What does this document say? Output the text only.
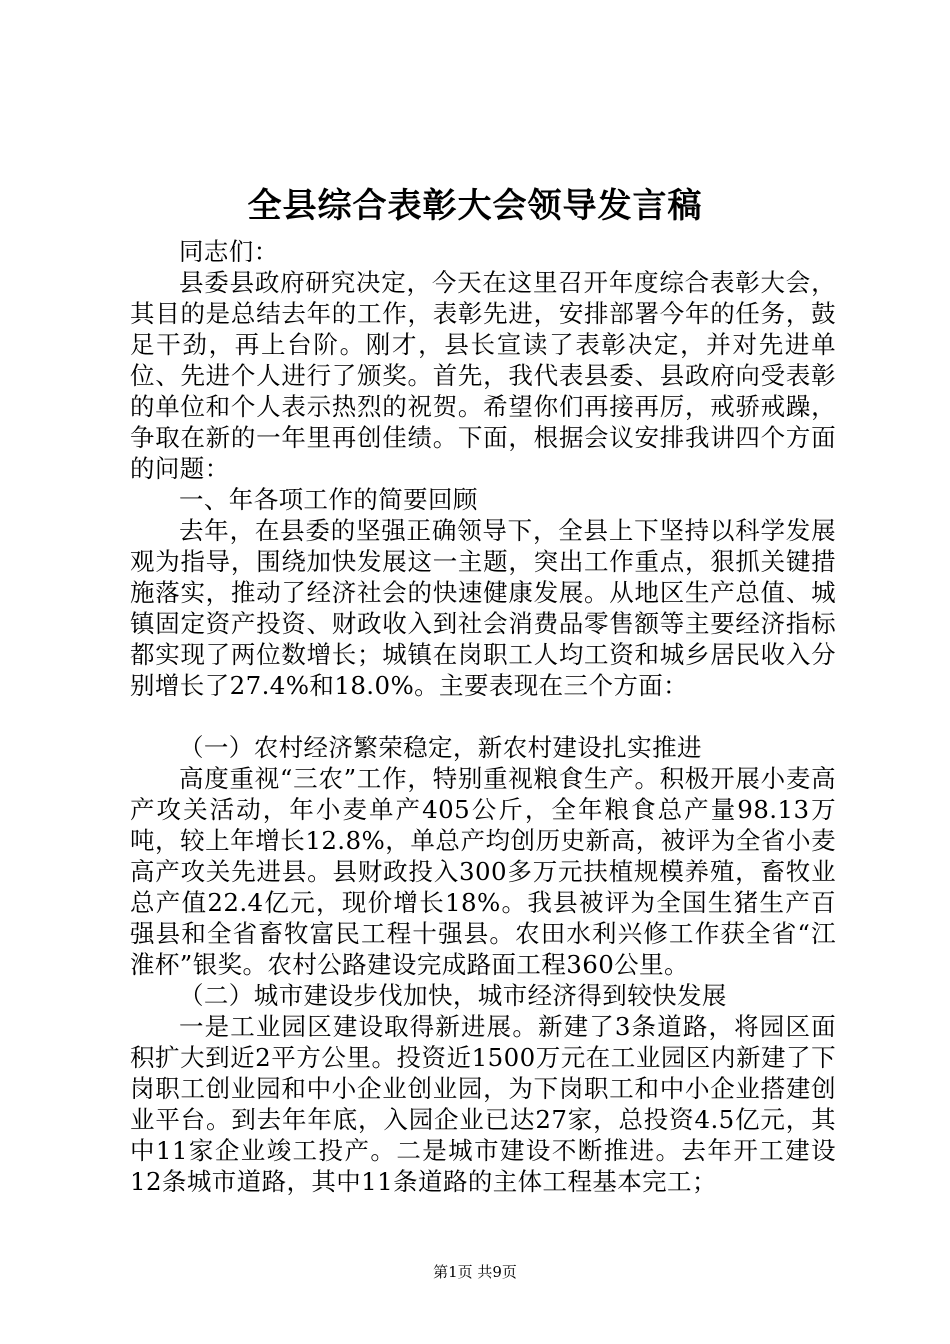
全县综合表彰大会领导发言稿

同志们：

县委县政府研究决定，今天在这里召开年度综合表彰大会，其目的是总结去年的工作，表彰先进，安排部署今年的任务，鼓足干劲，再上台阶。刚才，县长宣读了表彰决定，并对先进单位、先进个人进行了颁奖。首先，我代表县委、县政府向受表彰的单位和个人表示热烈的祝贺。希望你们再接再厉，戒骄戒躁，争取在新的一年里再创佳绩。下面，根据会议安排我讲四个方面的问题：

一、年各项工作的简要回顾

去年，在县委的坚强正确领导下，全县上下坚持以科学发展观为指导，围绕加快发展这一主题，突出工作重点，狠抓关键措施落实，推动了经济社会的快速健康发展。从地区生产总值、城镇固定资产投资、财政收入到社会消费品零售额等主要经济指标都实现了两位数增长；城镇在岗职工人均工资和城乡居民收入分别增长了27.4%和18.0%。主要表现在三个方面：

（一）农村经济繁荣稳定，新农村建设扎实推进

高度重视“三农”工作，特别重视粮食生产。积极开展小麦高产攻关活动，年小麦单产405公斤，全年粮食总产量98.13万吨，较上年增长12.8%，单总产均创历史新高，被评为全省小麦高产攻关先进县。县财政投入300多万元扶植规模养殖，畜牧业总产值22.4亿元，现价增长18%。我县被评为全国生猪生产百强县和全省畜牧富民工程十强县。农田水利兴修工作获全省“江淮杯”银奖。农村公路建设完成路面工程360公里。

（二）城市建设步伐加快，城市经济得到较快发展

一是工业园区建设取得新进展。新建了3条道路，将园区面积扩大到近2平方公里。投资近1500万元在工业园区内新建了下岗职工创业园和中小企业创业园，为下岗职工和中小企业搭建创业平台。到去年年底，入园企业已达27家，总投资4.5亿元，其中11家企业竣工投产。二是城市建设不断推进。去年开工建设12条城市道路，其中11条道路的主体工程基本完工；

第1页 共9页
